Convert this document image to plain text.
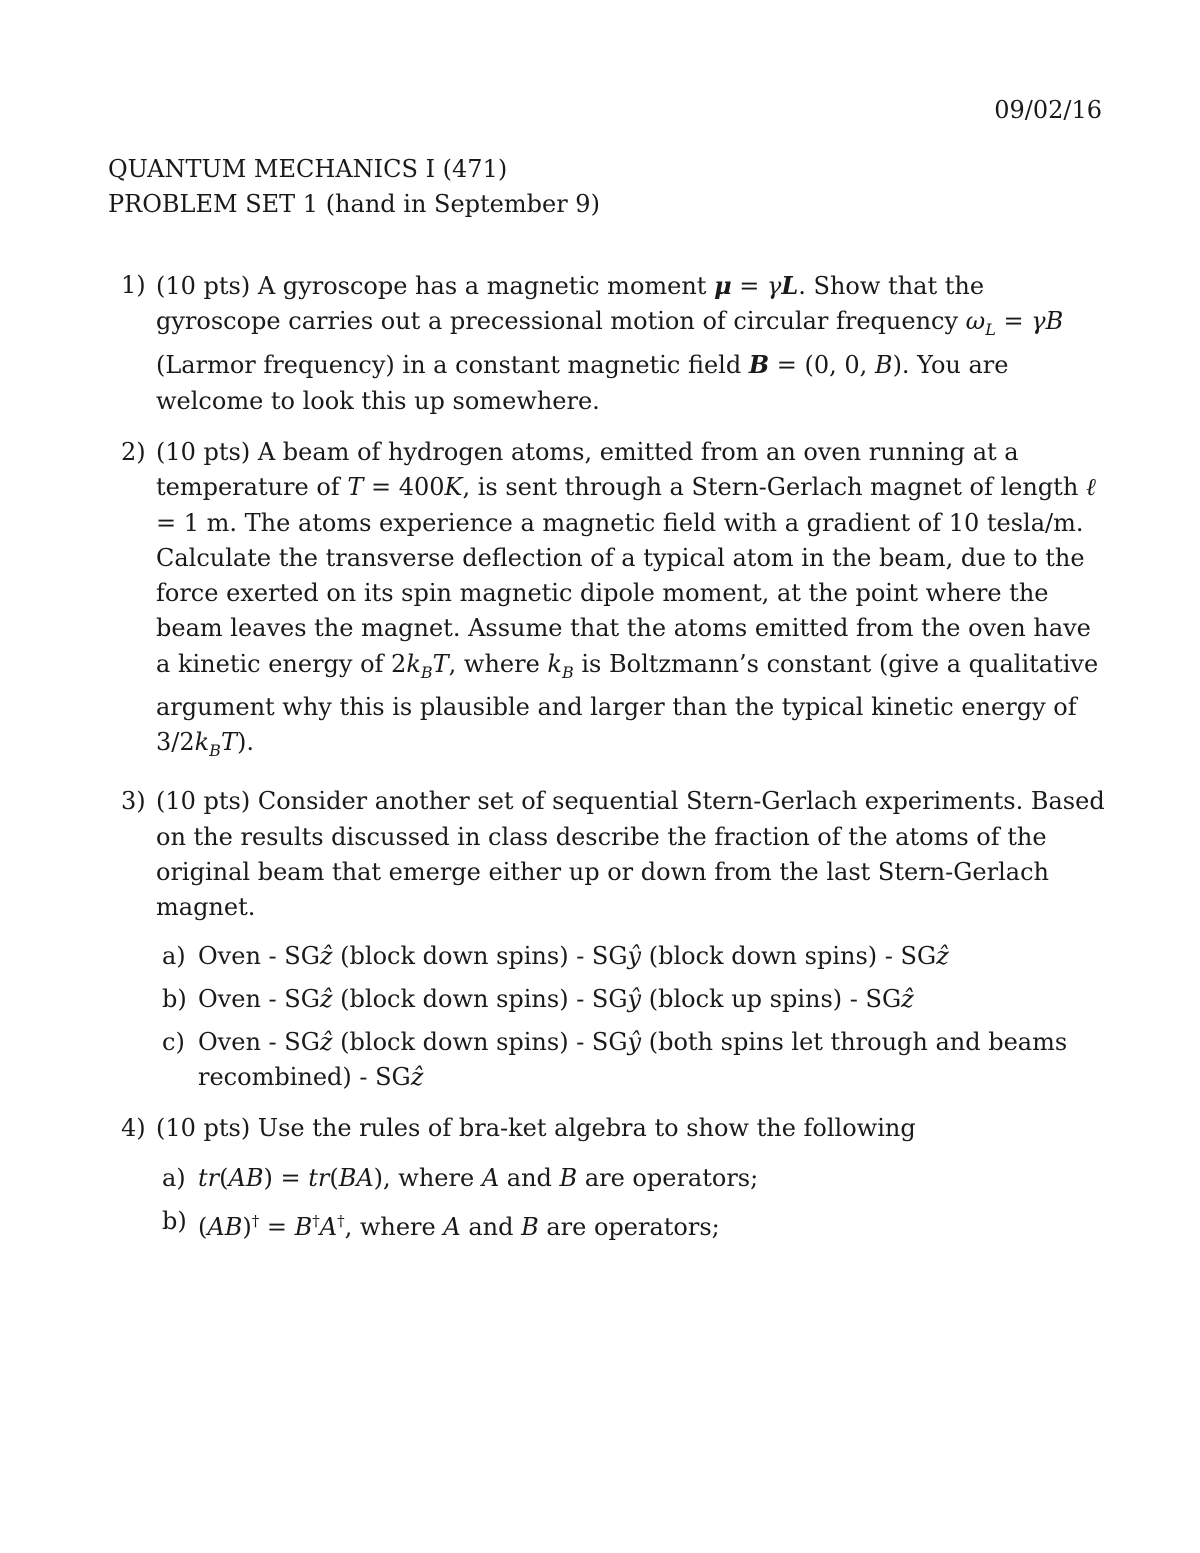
09/02/16
QUANTUM MECHANICS I (471)
PROBLEM SET 1 (hand in September 9)
1) (10 pts) A gyroscope has a magnetic moment μ = γL. Show that the gyroscope carries out a precessional motion of circular frequency $\omega_L = \gamma B$ (Larmor frequency) in a constant magnetic field B = (0, 0, B). You are welcome to look this up somewhere.
2) (10 pts) A beam of hydrogen atoms, emitted from an oven running at a temperature of T = 400K, is sent through a Stern-Gerlach magnet of length ℓ = 1 m. The atoms experience a magnetic field with a gradient of 10 tesla/m. Calculate the transverse deflection of a typical atom in the beam, due to the force exerted on its spin magnetic dipole moment, at the point where the beam leaves the magnet. Assume that the atoms emitted from the oven have a kinetic energy of $2k_BT$, where $k_B$ is Boltzmann’s constant (give a qualitative argument why this is plausible and larger than the typical kinetic energy of $3/2k_BT$).
3) (10 pts) Consider another set of sequential Stern-Gerlach experiments. Based on the results discussed in class describe the fraction of the atoms of the original beam that emerge either up or down from the last Stern-Gerlach magnet.
a) Oven - SGẑ (block down spins) - SGŷ (block down spins) - SGẑ
b) Oven - SGẑ (block down spins) - SGŷ (block up spins) - SGẑ
c) Oven - SGẑ (block down spins) - SGŷ (both spins let through and beams recombined) - SGẑ
4) (10 pts) Use the rules of bra-ket algebra to show the following
a) tr(AB) = tr(BA), where A and B are operators;
b) (AB)† = B†A†, where A and B are operators;
